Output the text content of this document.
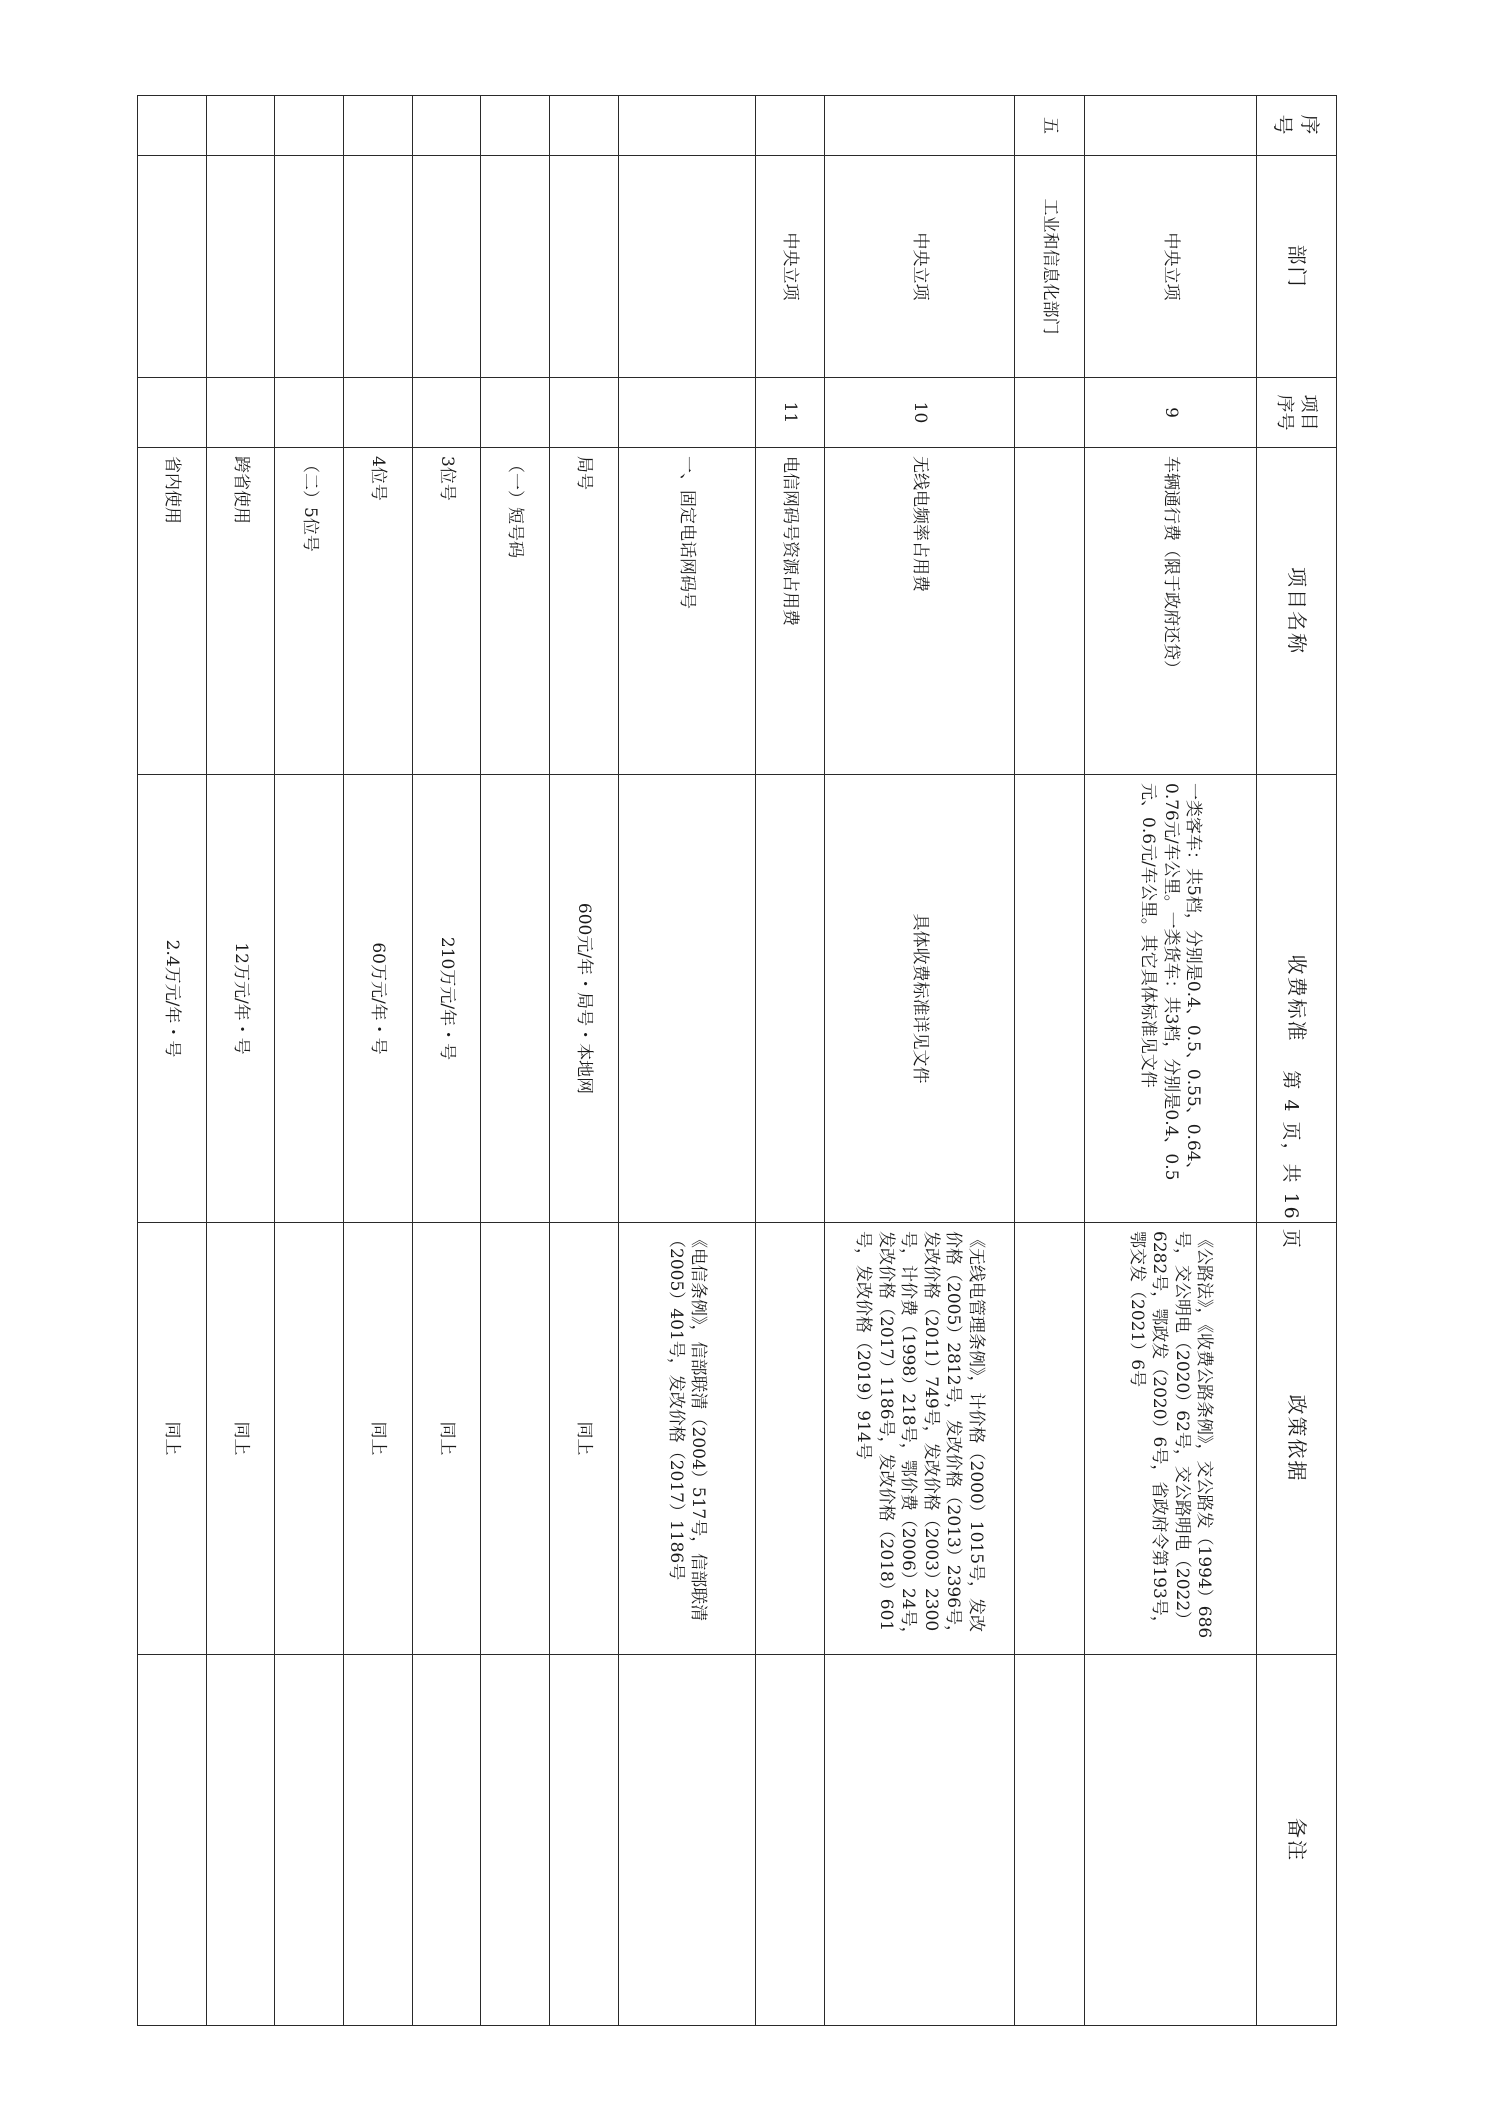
序号	部门	项目序号	项目名称	收费标准	政策依据	备注
	中央立项	9	车辆通行费（限于政府还贷）	一类客车：共5档，分别是0.4、0.5、0.55、0.64、0.76元/车公里。一类货车：共3档，分别是0.4、0.5元、0.6元/车公里。其它具体标准见文件	《公路法》，《收费公路条例》，交公路发（1994）686号，交公明电（2020）62号，交公路明电（2022）6282号，鄂政发（2020）6号，省政府令第193号，鄂交发（2021）6号	
五	工业和信息化部门					
	中央立项	10	无线电频率占用费	具体收费标准详见文件	《无线电管理条例》，计价格（2000）1015号，发改价格（2005）2812号，发改价格（2013）2396号，发改价格（2011）749号，发改价格（2003）2300号，计价费（1998）218号，鄂价费（2006）24号，发改价格（2017）1186号，发改价格（2018）601号，发改价格（2019）914号	
	中央立项	11	电信网码号资源占用费			
			一、固定电话网码号		《电信条例》，信部联清（2004）517号，信部联清（2005）401号，发改价格（2017）1186号	
			局号	600元/年・局号・本地网	同上	
			（一）短号码			
			3位号	210万元/年・号	同上	
			4位号	60万元/年・号	同上	
			（二）5位号			
			跨省使用	12万元/年・号	同上	
			省内使用	2.4万元/年・号	同上	
第 4 页，共 16 页
